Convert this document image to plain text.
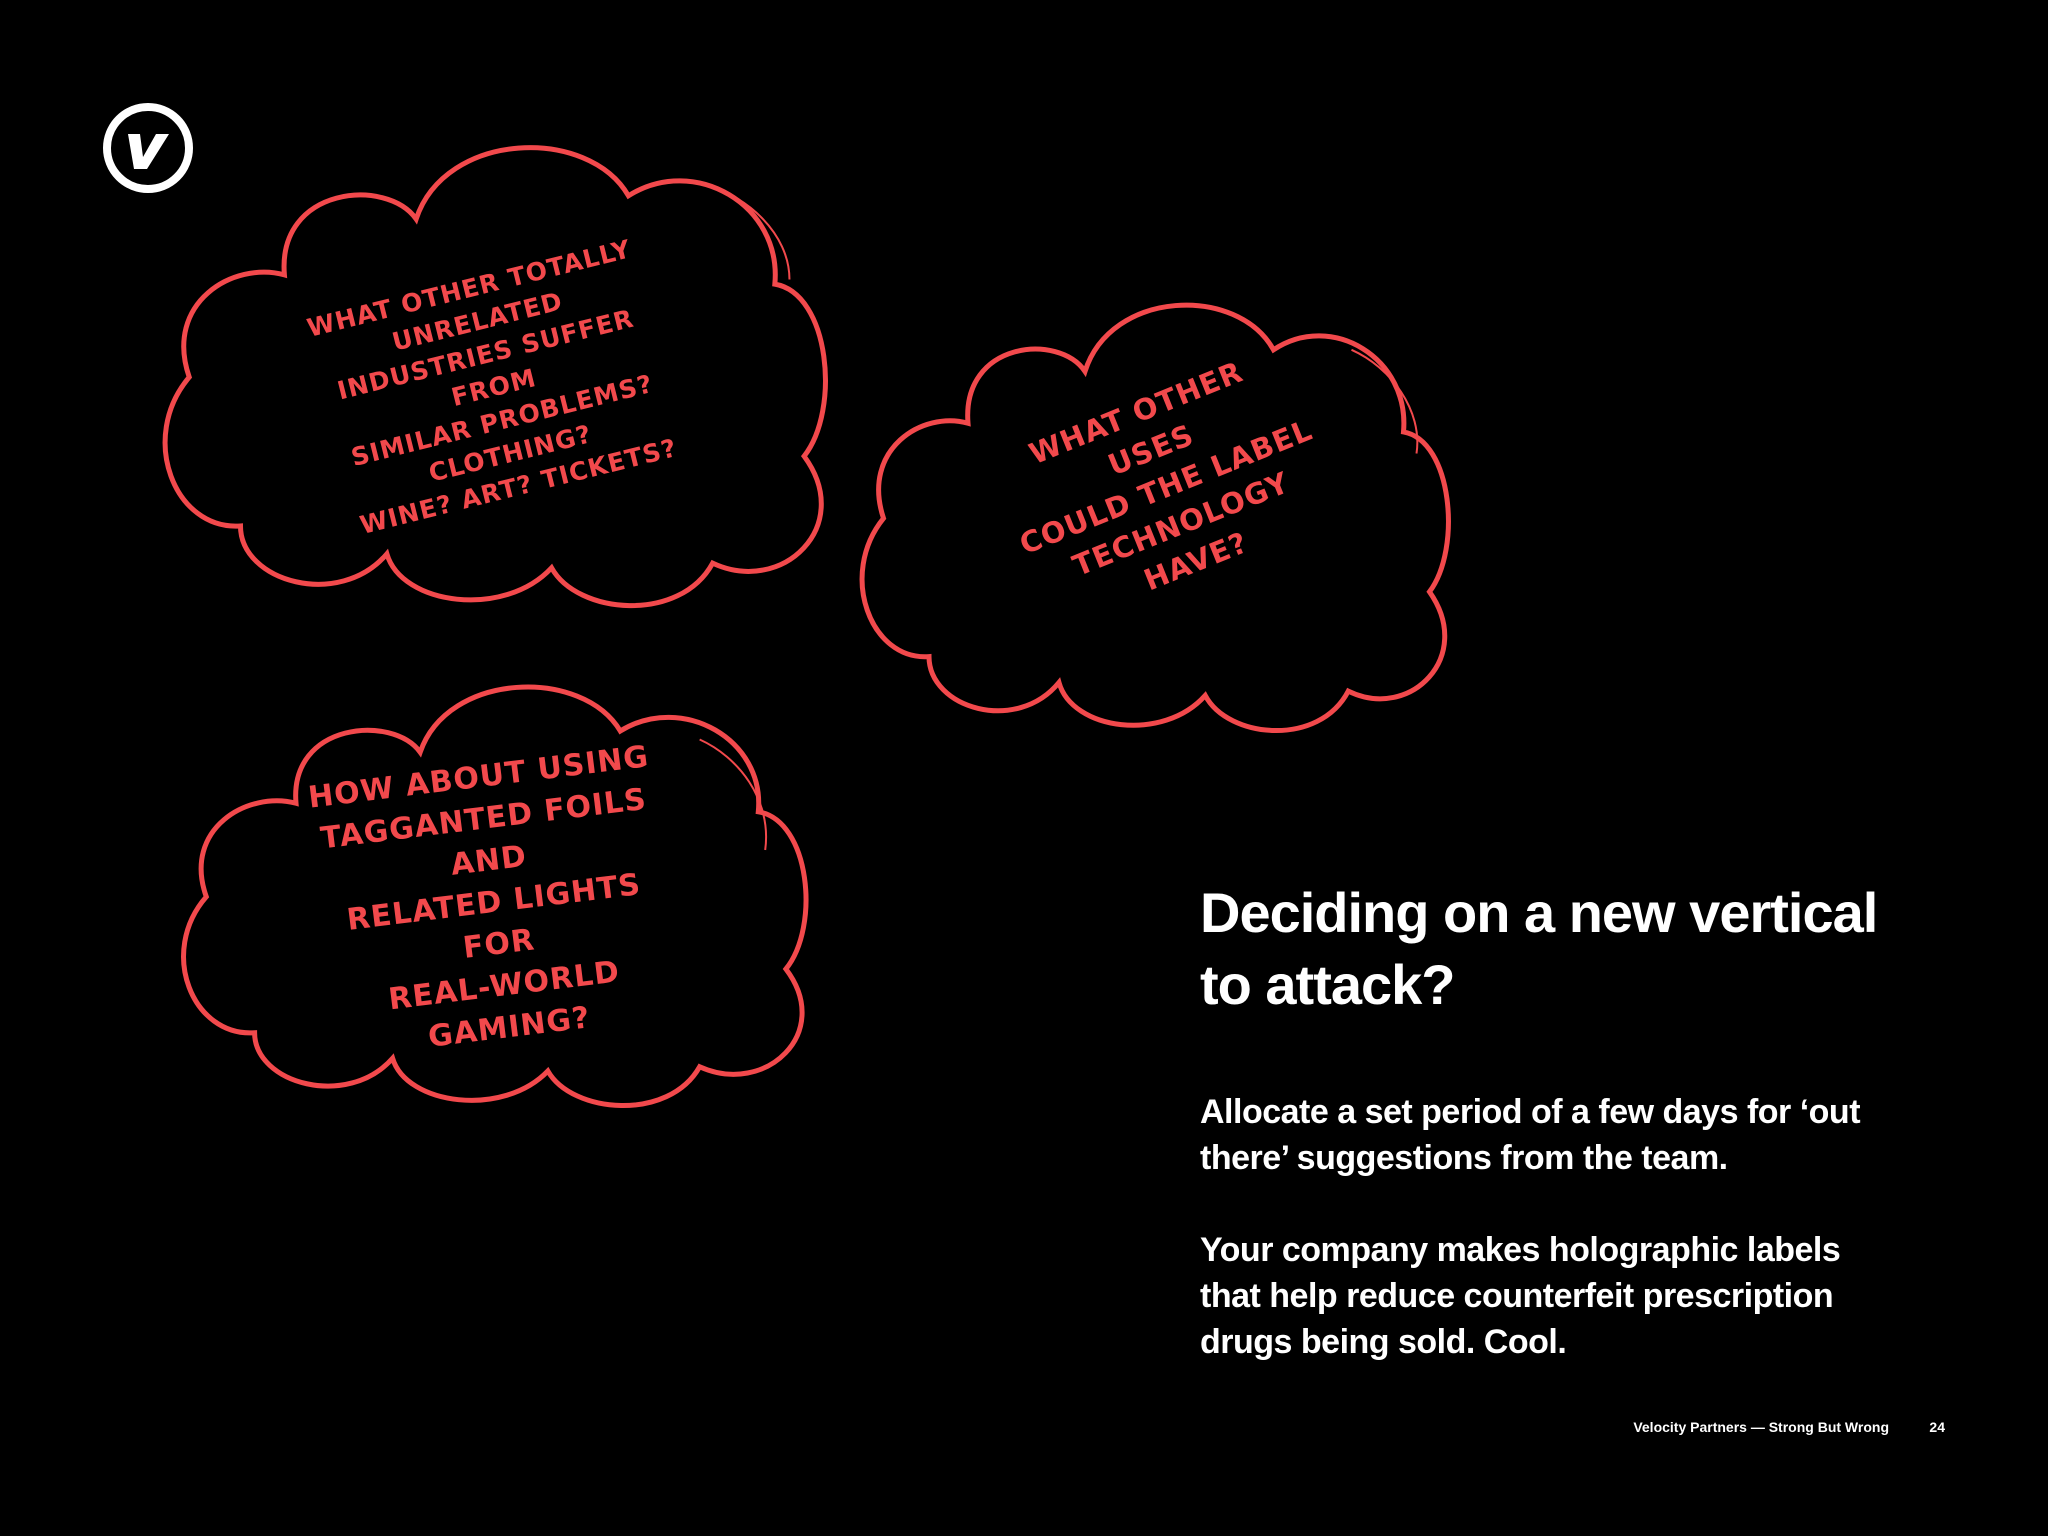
WHAT OTHER TOTALLY UNRELATED
INDUSTRIES SUFFER FROM
SIMILAR PROBLEMS? CLOTHING?
WINE? ART? TICKETS?
WHAT OTHER USES
COULD THE LABEL
TECHNOLOGY HAVE?
HOW ABOUT USING
TAGGANTED FOILS AND
RELATED LIGHTS FOR
REAL-WORLD GAMING?
Deciding on a new vertical
to attack?

Allocate a set period of a few days for ‘out
there’ suggestions from the team.

Your company makes holographic labels
that help reduce counterfeit prescription
drugs being sold. Cool.

Velocity Partners — Strong But Wrong	24
